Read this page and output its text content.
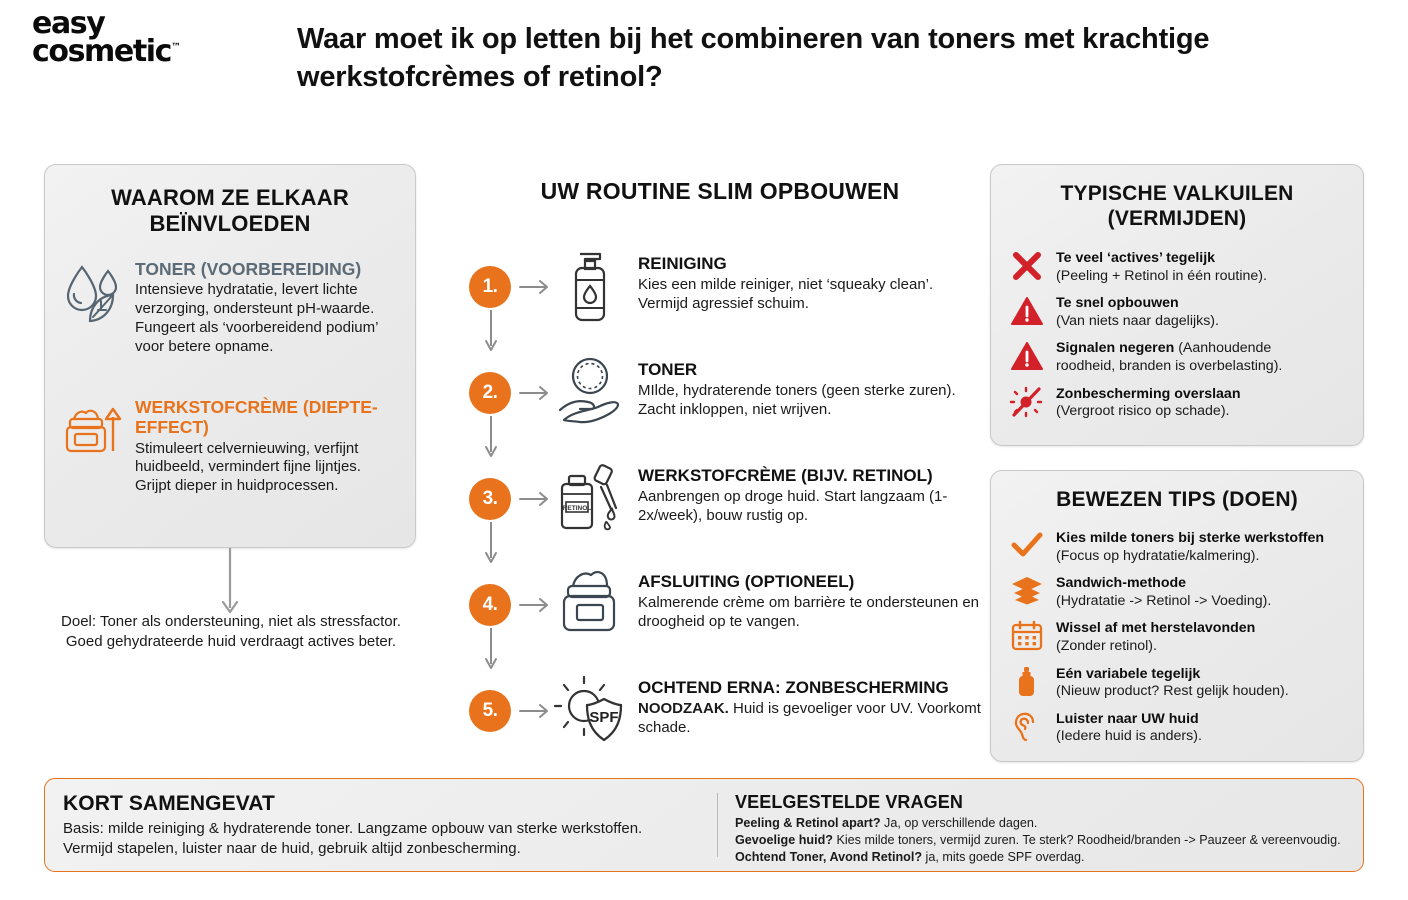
easy
cosmetic™	Waar moet ik op letten bij het combineren van toners met krachtige werkstofcrèmes of retinol?
WAAROM ZE ELKAAR BEÏNVLOEDEN
TONER (VOORBEREIDING)
Intensieve hydratatie, levert lichte verzorging, ondersteunt pH-waarde. Fungeert als ‘voorbereidend podium’ voor betere opname.
WERKSTOFCRÈME (DIEPTE-EFFECT)
Stimuleert celvernieuwing, verfijnt huidbeeld, vermindert fijne lijntjes. Grijpt dieper in huidprocessen.
Doel: Toner als ondersteuning, niet als stressfactor. Goed gehydrateerde huid verdraagt actives beter.
UW ROUTINE SLIM OPBOUWEN
1.
REINIGING
Kies een milde reiniger, niet ‘squeaky clean’. Vermijd agressief schuim.
2.
TONER
MIlde, hydraterende toners (geen sterke zuren). Zacht inkloppen, niet wrijven.
3.	RETINOL
WERKSTOFCRÈME (BIJV. RETINOL)
Aanbrengen op droge huid. Start langzaam (1-2x/week), bouw rustig op.
4.
AFSLUITING (OPTIONEEL)
Kalmerende crème om barrière te ondersteunen en droogheid op te vangen.
5.	SPF
OCHTEND ERNA: ZONBESCHERMING
NOODZAAK. Huid is gevoeliger voor UV. Voorkomt schade.
TYPISCHE VALKUILEN (VERMIJDEN)
Te veel ‘actives’ tegelijk
(Peeling + Retinol in één routine).
Te snel opbouwen
(Van niets naar dagelijks).
Signalen negeren (Aanhoudende
roodheid, branden is overbelasting).
Zonbescherming overslaan
(Vergroot risico op schade).
BEWEZEN TIPS (DOEN)
Kies milde toners bij sterke werkstoffen
(Focus op hydratatie/kalmering).
Sandwich-methode
(Hydratatie -> Retinol -> Voeding).
Wissel af met herstelavonden
(Zonder retinol).
Eén variabele tegelijk
(Nieuw product? Rest gelijk houden).
Luister naar UW huid
(Iedere huid is anders).
KORT SAMENGEVAT
Basis: milde reiniging & hydraterende toner. Langzame opbouw van sterke werkstoffen.
Vermijd stapelen, luister naar de huid, gebruik altijd zonbescherming.
VEELGESTELDE VRAGEN
Peeling & Retinol apart? Ja, op verschillende dagen.
Gevoelige huid? Kies milde toners, vermijd zuren. Te sterk? Roodheid/branden -> Pauzeer & vereenvoudig.
Ochtend Toner, Avond Retinol? ja, mits goede SPF overdag.
